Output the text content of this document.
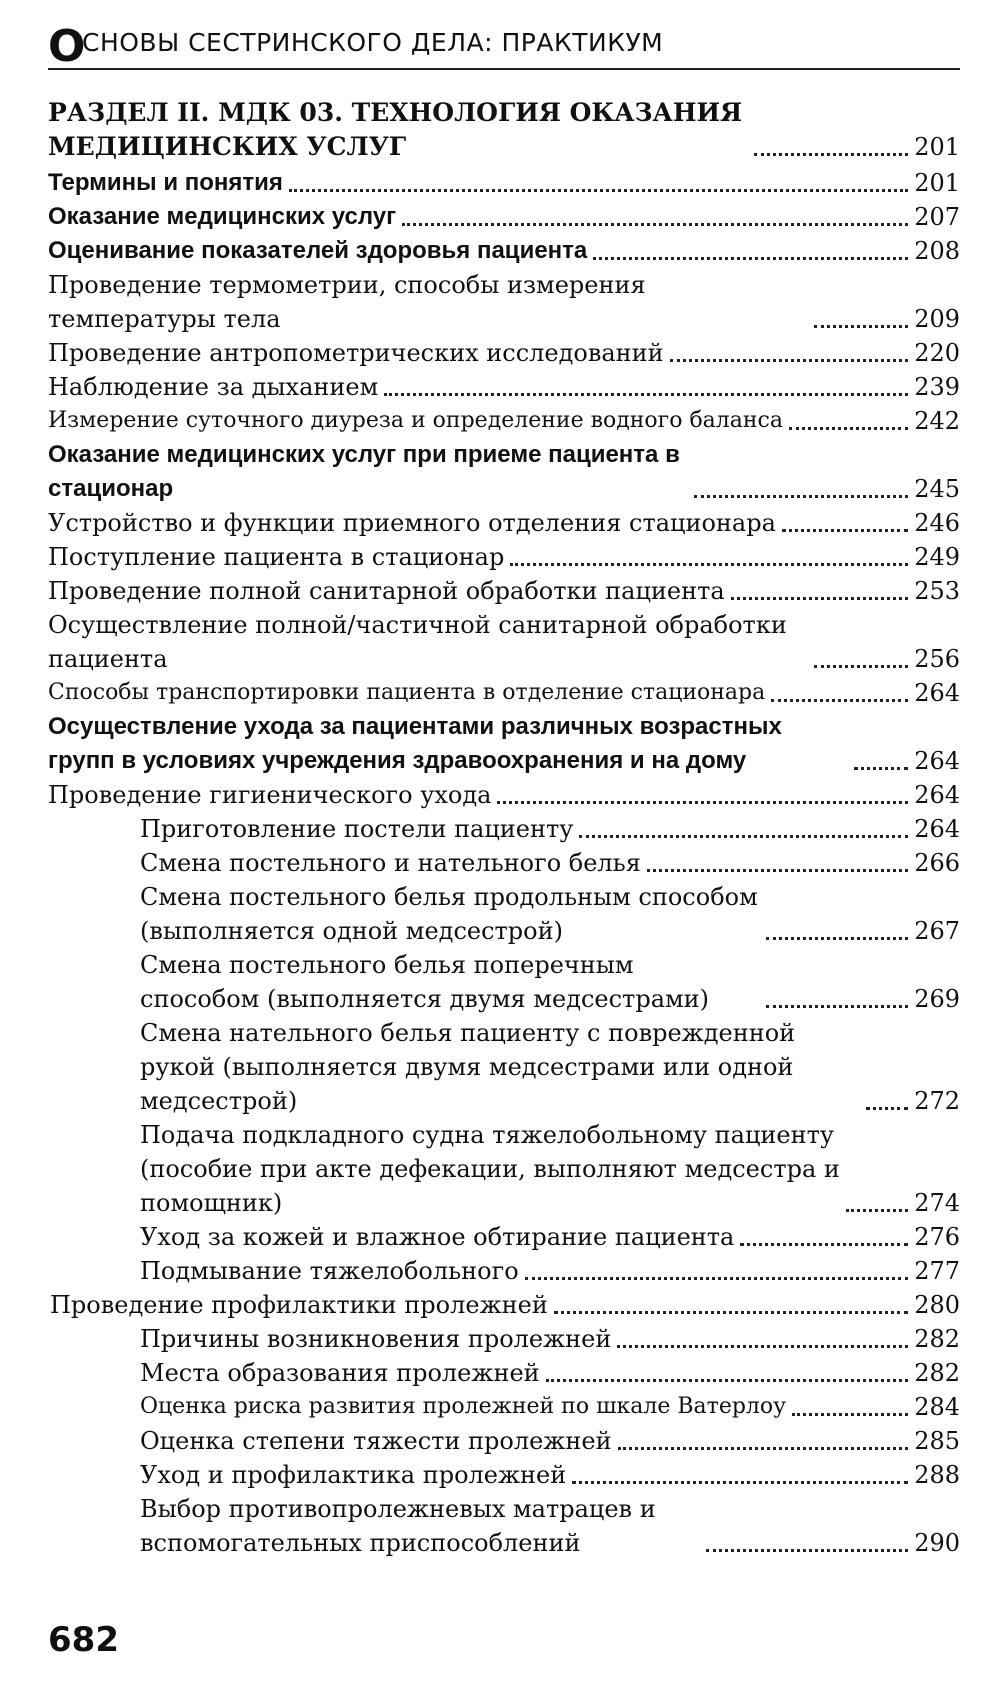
О
СНОВЫ СЕСТРИНСКОГО ДЕЛА: ПРАКТИКУМ
РАЗДЕЛ II. МДК 03. ТЕХНОЛОГИЯ ОКАЗАНИЯ МЕДИЦИНСКИХ УСЛУГ	201
Термины и понятия	201
Оказание медицинских услуг	207
Оценивание показателей здоровья пациента	208
Проведение термометрии, способы измерения температуры тела	209
Проведение антропометрических исследований	220
Наблюдение за дыханием	239
Измерение суточного диуреза и определение водного баланса	242
Оказание медицинских услуг при приеме пациента в стационар	245
Устройство и функции приемного отделения стационара	246
Поступление пациента в стационар	249
Проведение полной санитарной обработки пациента	253
Осуществление полной/частичной санитарной обработки пациента	256
Способы транспортировки пациента в отделение стационара	264
Осуществление ухода за пациентами различных возрастных групп в условиях учреждения здравоохранения и на дому	264
Проведение гигиенического ухода	264
Приготовление постели пациенту	264
Смена постельного и нательного белья	266
Смена постельного белья продольным способом (выполняется одной медсестрой)	267
Смена постельного белья поперечным способом (выполняется двумя медсестрами)	269
Смена нательного белья пациенту с поврежденной рукой (выполняется двумя медсестрами или одной медсестрой)	272
Подача подкладного судна тяжелобольному пациенту (пособие при акте дефекации, выполняют медсестра и помощник)	274
Уход за кожей и влажное обтирание пациента	276
Подмывание тяжелобольного	277
Проведение профилактики пролежней	280
Причины возникновения пролежней	282
Места образования пролежней	282
Оценка риска развития пролежней по шкале Ватерлоу	284
Оценка степени тяжести пролежней	285
Уход и профилактика пролежней	288
Выбор противопролежневых матрацев и вспомогательных приспособлений	290
682
